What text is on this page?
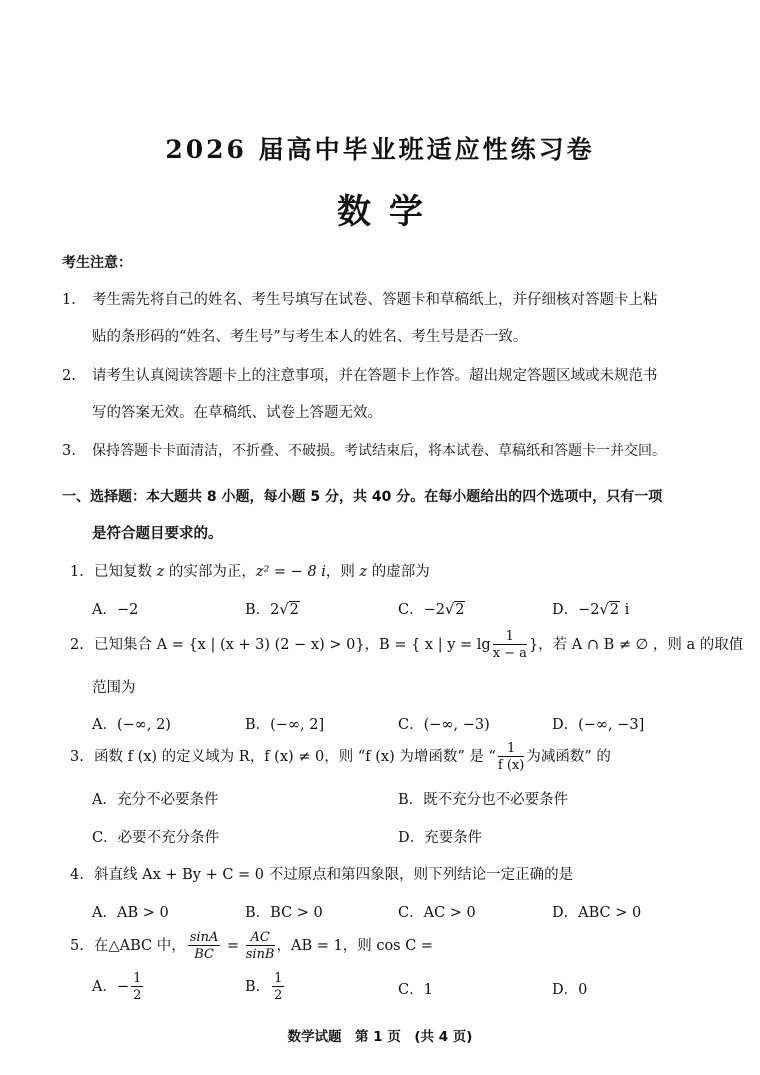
2026 届高中毕业班适应性练习卷
数学
考生注意：
1. 考生需先将自己的姓名、考生号填写在试卷、答题卡和草稿纸上，并仔细核对答题卡上粘
贴的条形码的“姓名、考生号”与考生本人的姓名、考生号是否一致。
2. 请考生认真阅读答题卡上的注意事项，并在答题卡上作答。超出规定答题区域或未规范书
写的答案无效。在草稿纸、试卷上答题无效。
3. 保持答题卡卡面清洁，不折叠、不破损。考试结束后，将本试卷、草稿纸和答题卡一并交回。
一、选择题：本大题共 8 小题，每小题 5 分，共 40 分。在每小题给出的四个选项中，只有一项
是符合题目要求的。
1. 已知复数 z 的实部为正，z² = − 8 i，则 z 的虚部为
A．−2	B．2√2	C．−2√2	D．−2√2 i
2. 已知集合 A = {x | (x + 3) (2 − x) > 0}，B = { x | $y = \lg \frac{1}{x - a}$ }，若 A ∩ B ≠ ∅ ，则 a 的取值
范围为
A．(−∞, 2)	B．(−∞, 2]	C．(−∞, −3)	D．(−∞, −3]
3. 函数 f (x) 的定义域为 R，f (x) ≠ 0，则 “f (x) 为增函数” 是 “ $\frac{1}{f (x)}$ 为减函数” 的
A．充分不必要条件	B．既不充分也不必要条件
C．必要不充分条件	D．充要条件
4. 斜直线 Ax + By + C = 0 不过原点和第四象限，则下列结论一定正确的是
A．AB > 0	B．BC > 0	C．AC > 0	D．ABC > 0
5. 在△ABC 中， $\frac{\sin A}{BC} = \frac{AC}{\sin B}$ ，AB = 1，则 cos C =
A．− $\frac{1}{2}$	B． $\frac{1}{2}$	C．1	D．0
数学试题　第 1 页　(共 4 页)
